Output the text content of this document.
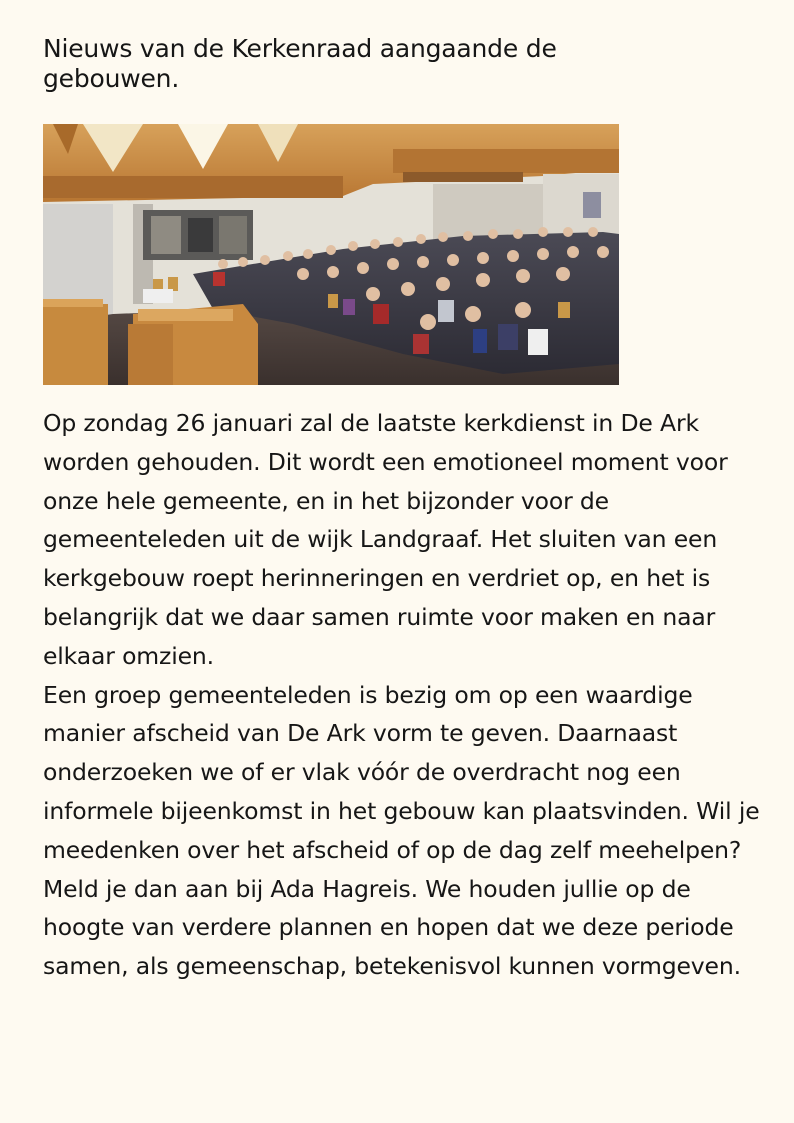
Nieuws van de Kerkenraad aangaande de gebouwen.

Op zondag 26 januari zal de laatste kerkdienst in De Ark worden gehouden. Dit wordt een emotioneel moment voor onze hele gemeente, en in het bijzonder voor de gemeenteleden uit de wijk Landgraaf. Het sluiten van een kerkgebouw roept herinneringen en verdriet op, en het is belangrijk dat we daar samen ruimte voor maken en naar elkaar omzien.

Een groep gemeenteleden is bezig om op een waardige manier afscheid van De Ark vorm te geven. Daarnaast onderzoeken we of er vlak vóór de overdracht nog een informele bijeenkomst in het gebouw kan plaatsvinden. Wil je meedenken over het afscheid of op de dag zelf meehelpen? Meld je dan aan bij Ada Hagreis. We houden jullie op de hoogte van verdere plannen en hopen dat we deze periode samen, als gemeenschap, betekenisvol kunnen vormgeven.
